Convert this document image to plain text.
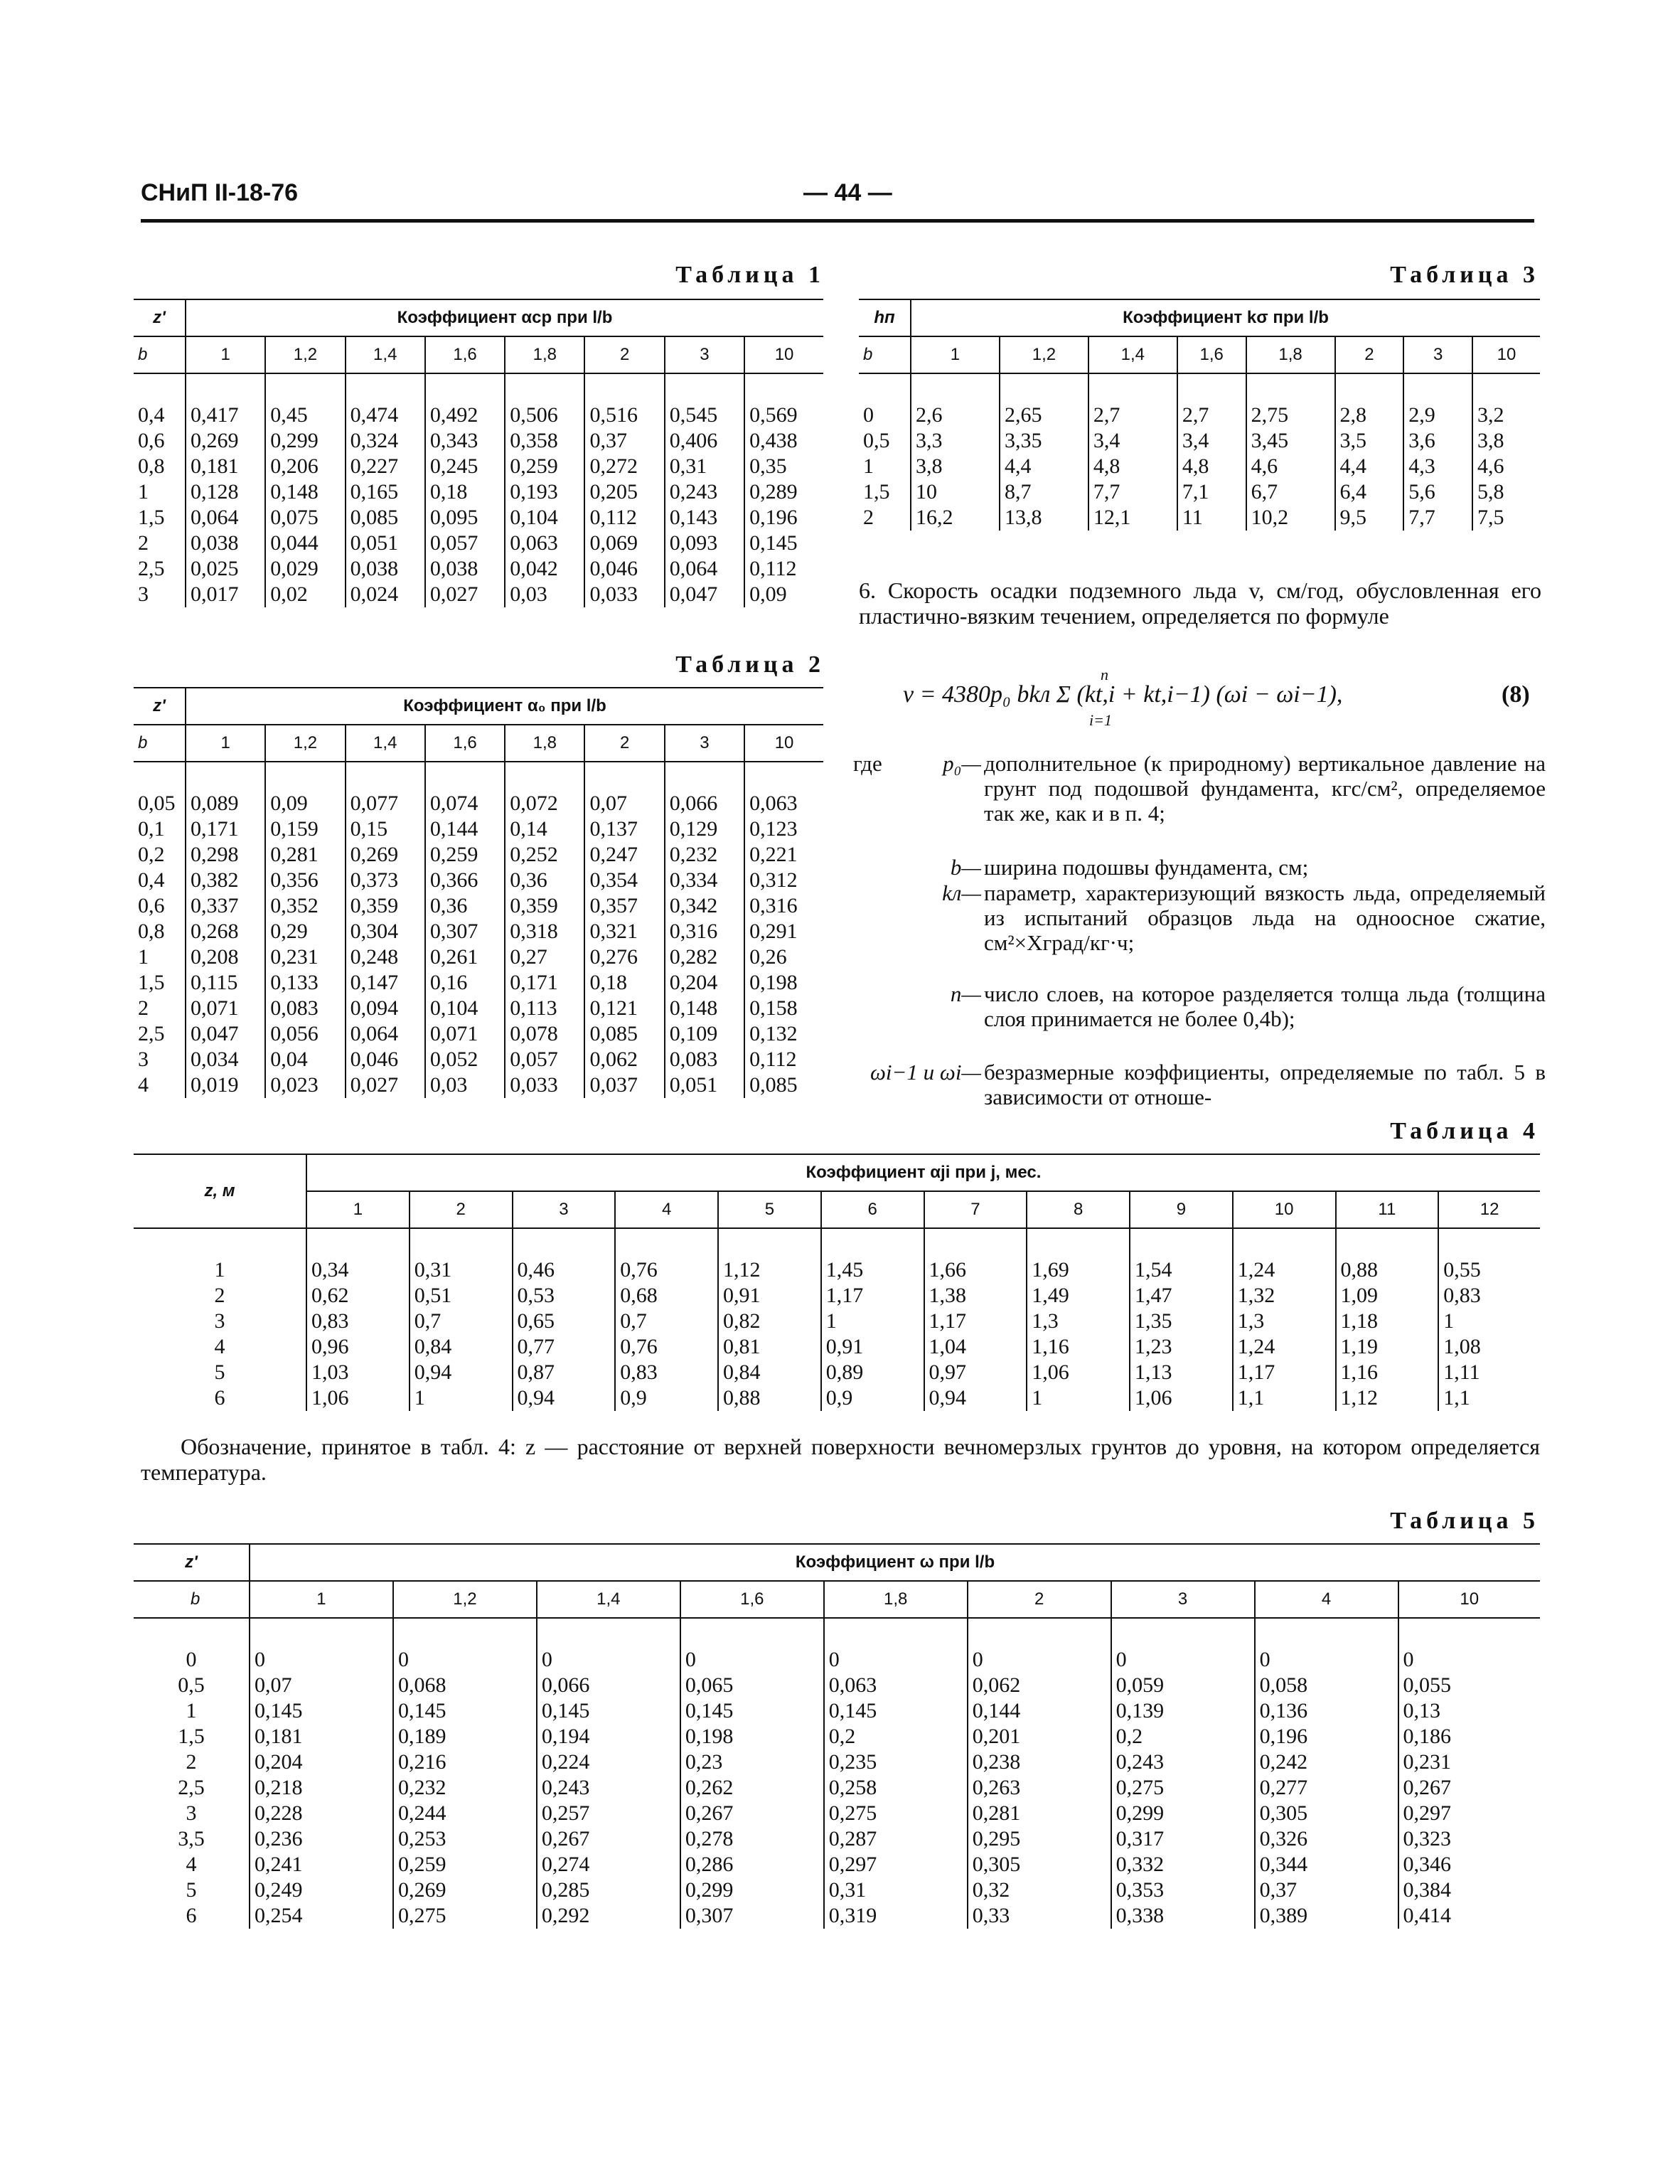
СНиП II-18-76	— 44 —
Таблица 1
z'	Коэффициент αср при l/b							
b	1	1,2	1,4	1,6	1,8	2	3	10
0,4	0,417	0,45	0,474	0,492	0,506	0,516	0,545	0,569
0,6	0,269	0,299	0,324	0,343	0,358	0,37	0,406	0,438
0,8	0,181	0,206	0,227	0,245	0,259	0,272	0,31	0,35
1	0,128	0,148	0,165	0,18	0,193	0,205	0,243	0,289
1,5	0,064	0,075	0,085	0,095	0,104	0,112	0,143	0,196
2	0,038	0,044	0,051	0,057	0,063	0,069	0,093	0,145
2,5	0,025	0,029	0,038	0,038	0,042	0,046	0,064	0,112
3	0,017	0,02	0,024	0,027	0,03	0,033	0,047	0,09
Таблица 2
z'	Коэффициент α₀ при l/b							
b	1	1,2	1,4	1,6	1,8	2	3	10
0,05	0,089	0,09	0,077	0,074	0,072	0,07	0,066	0,063
0,1	0,171	0,159	0,15	0,144	0,14	0,137	0,129	0,123
0,2	0,298	0,281	0,269	0,259	0,252	0,247	0,232	0,221
0,4	0,382	0,356	0,373	0,366	0,36	0,354	0,334	0,312
0,6	0,337	0,352	0,359	0,36	0,359	0,357	0,342	0,316
0,8	0,268	0,29	0,304	0,307	0,318	0,321	0,316	0,291
1	0,208	0,231	0,248	0,261	0,27	0,276	0,282	0,26
1,5	0,115	0,133	0,147	0,16	0,171	0,18	0,204	0,198
2	0,071	0,083	0,094	0,104	0,113	0,121	0,148	0,158
2,5	0,047	0,056	0,064	0,071	0,078	0,085	0,109	0,132
3	0,034	0,04	0,046	0,052	0,057	0,062	0,083	0,112
4	0,019	0,023	0,027	0,03	0,033	0,037	0,051	0,085
Таблица 3
hп	Коэффициент kσ при l/b							
b	1	1,2	1,4	1,6	1,8	2	3	10
0	2,6	2,65	2,7	2,7	2,75	2,8	2,9	3,2
0,5	3,3	3,35	3,4	3,4	3,45	3,5	3,6	3,8
1	3,8	4,4	4,8	4,8	4,6	4,4	4,3	4,6
1,5	10	8,7	7,7	7,1	6,7	6,4	5,6	5,8
2	16,2	13,8	12,1	11	10,2	9,5	7,7	7,5
6. Скорость осадки подземного льда v, см/год, обусловленная его пластично-вязким течением, определяется по формуле
v = 4380p₀ bkл Σ (kt,i + kt,i−1) (ωi − ωi−1),
n
i=1
(8)
где	p₀— дополнительное (к природному) вертикальное давление на грунт под подошвой фундамента, кгс/см², определяемое так же, как и в п. 4;
b— ширина подошвы фундамента, см;
kл— параметр, характеризующий вязкость льда, определяемый из испытаний образцов льда на одноосное сжатие, см²×Xград/кг·ч;
n— число слоев, на которое разделяется толща льда (толщина слоя принимается не более 0,4b);
ωi−1 и ωi— безразмерные коэффициенты, определяемые по табл. 5 в зависимости от отноше-
Таблица 4
z, м	Коэффициент αji при j, мес.											
	1	2	3	4	5	6	7	8	9	10	11	12
1	0,34	0,31	0,46	0,76	1,12	1,45	1,66	1,69	1,54	1,24	0,88	0,55
2	0,62	0,51	0,53	0,68	0,91	1,17	1,38	1,49	1,47	1,32	1,09	0,83
3	0,83	0,7	0,65	0,7	0,82	1	1,17	1,3	1,35	1,3	1,18	1
4	0,96	0,84	0,77	0,76	0,81	0,91	1,04	1,16	1,23	1,24	1,19	1,08
5	1,03	0,94	0,87	0,83	0,84	0,89	0,97	1,06	1,13	1,17	1,16	1,11
6	1,06	1	0,94	0,9	0,88	0,9	0,94	1	1,06	1,1	1,12	1,1
Обозначение, принятое в табл. 4: z — расстояние от верхней поверхности вечномерзлых грунтов до уровня, на котором определяется температура.
Таблица 5
z'	Коэффициент ω при l/b								
b	1	1,2	1,4	1,6	1,8	2	3	4	10
0	0	0	0	0	0	0	0	0	0
0,5	0,07	0,068	0,066	0,065	0,063	0,062	0,059	0,058	0,055
1	0,145	0,145	0,145	0,145	0,145	0,144	0,139	0,136	0,13
1,5	0,181	0,189	0,194	0,198	0,2	0,201	0,2	0,196	0,186
2	0,204	0,216	0,224	0,23	0,235	0,238	0,243	0,242	0,231
2,5	0,218	0,232	0,243	0,262	0,258	0,263	0,275	0,277	0,267
3	0,228	0,244	0,257	0,267	0,275	0,281	0,299	0,305	0,297
3,5	0,236	0,253	0,267	0,278	0,287	0,295	0,317	0,326	0,323
4	0,241	0,259	0,274	0,286	0,297	0,305	0,332	0,344	0,346
5	0,249	0,269	0,285	0,299	0,31	0,32	0,353	0,37	0,384
6	0,254	0,275	0,292	0,307	0,319	0,33	0,338	0,389	0,414
